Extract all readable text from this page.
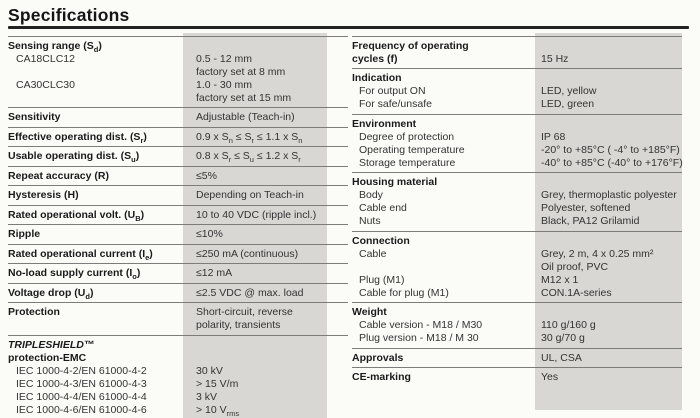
Specifications
Sensing range $(S_d)$
CA18CLC12	0.5 - 12 mm
factory set at 8 mm
CA30CLC30	1.0 - 30 mm
factory set at 15 mm
Sensitivity	Adjustable (Teach-in)
Effective operating dist. $(S_r)$	0.9 x $S_n \le S_r \le 1.1$ x $S_n$
Usable operating dist. $(S_u)$	0.8 x $S_r \le S_u \le 1.2$ x $S_r$
Repeat accuracy (R)	≤5%
Hysteresis (H)	Depending on Teach-in
Rated operational volt. $(U_B)$	10 to 40 VDC (ripple incl.)
Ripple	≤10%
Rated operational current $(I_e)$	≤250 mA (continuous)
No-load supply current $(I_o)$	≤12 mA
Voltage drop $(U_d)$	≤2.5 VDC @ max. load
Protection	Short-circuit, reverse
polarity, transients
TRIPLESHIELD™
protection-EMC
IEC 1000-4-2/EN 61000-4-2	30 kV
IEC 1000-4-3/EN 61000-4-3	> 15 V/m
IEC 1000-4-4/EN 61000-4-4	3 kV
IEC 1000-4-6/EN 61000-4-6	> 10 $V_{rms}$
Frequency of operating
cycles (f)	15 Hz
Indication
For output ON	LED, yellow
For safe/unsafe	LED, green
Environment
Degree of protection	IP 68
Operating temperature	-20° to +85°C ( -4° to +185°F)
Storage temperature	-40° to +85°C (-40° to +176°F)
Housing material
Body	Grey, thermoplastic polyester
Cable end	Polyester, softened
Nuts	Black, PA12 Grilamid
Connection
Cable	Grey, 2 m, 4 x 0.25 mm²
Oil proof, PVC
Plug (M1)	M12 x 1
Cable for plug (M1)	CON.1A-series
Weight
Cable version - M18 / M30	110 g/160 g
Plug version - M18 / M 30	30 g/70 g
Approvals	UL, CSA
CE-marking	Yes
